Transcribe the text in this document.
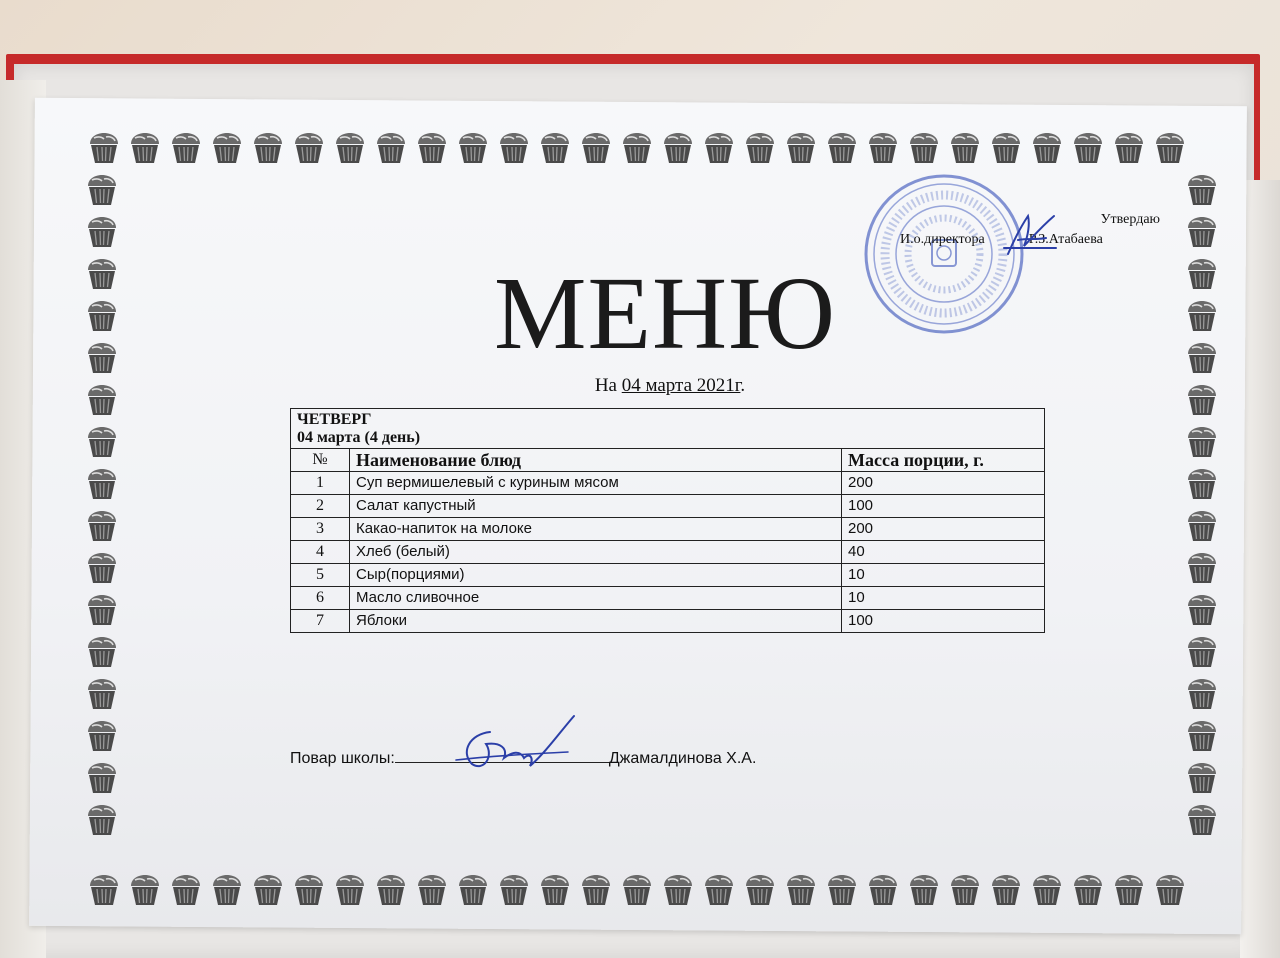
Утвердаю
И.о.директора	Р.З.Атабаева
МЕНЮ
На 04 марта 2021г.
ЧЕТВЕРГ
04 марта (4 день)		

№	Наименование блюд	Масса порции, г.
1	Суп вермишелевый с куриным мясом	200
2	Салат капустный	100
3	Какао-напиток на молоке	200
4	Хлеб (белый)	40
5	Сыр(порциями)	10
6	Масло сливочное	10
7	Яблоки	100
Повар школы:	Джамалдинова Х.А.
